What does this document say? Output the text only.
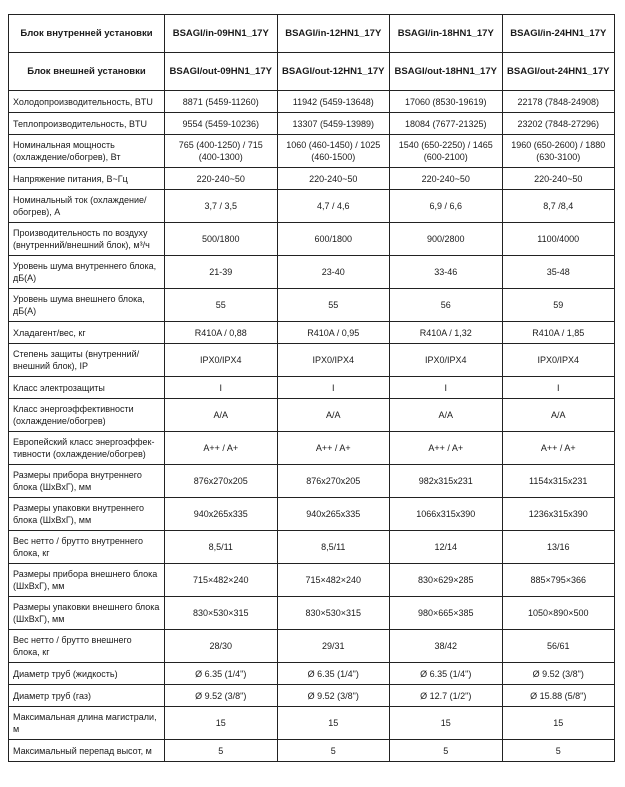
Блок внутренней установки	BSAGI/in-09HN1_17Y	BSAGI/in-12HN1_17Y	BSAGI/in-18HN1_17Y	BSAGI/in-24HN1_17Y
Блок внешней установки	BSAGI/out-09HN1_17Y	BSAGI/out-12HN1_17Y	BSAGI/out-18HN1_17Y	BSAGI/out-24HN1_17Y
Холодопроизводительность, BTU	8871 (5459-11260)	11942 (5459-13648)	17060 (8530-19619)	22178 (7848-24908)
Теплопроизводительность, BTU	9554 (5459-10236)	13307 (5459-13989)	18084 (7677-21325)	23202 (7848-27296)
Номинальная мощность (охлаждение/обогрев), Вт	765 (400-1250) / 715 (400-1300)	1060 (460-1450) / 1025 (460-1500)	1540 (650-2250) / 1465 (600-2100)	1960 (650-2600) / 1880 (630-3100)
Напряжение питания, В~Гц	220-240~50	220-240~50	220-240~50	220-240~50
Номинальный ток (охлаждение/обогрев), А	3,7 / 3,5	4,7 / 4,6	6,9 / 6,6	8,7 /8,4
Производительность по воздуху (внутренний/внешний блок), м³/ч	500/1800	600/1800	900/2800	1100/4000
Уровень шума внутреннего блока, дБ(А)	21-39	23-40	33-46	35-48
Уровень шума внешнего блока, дБ(А)	55	55	56	59
Хладагент/вес, кг	R410A / 0,88	R410A / 0,95	R410A / 1,32	R410A / 1,85
Степень защиты (внутренний/ внешний блок), IP	IPX0/IPX4	IPX0/IPX4	IPX0/IPX4	IPX0/IPX4
Класс электрозащиты	I	I	I	I
Класс энергоэффективности (охлаждение/обогрев)	A/A	A/A	A/A	A/A
Европейский класс энергоэффек-тивности (охлаждение/обогрев)	A++ / A+	A++ / A+	A++ / A+	A++ / A+
Размеры прибора внутреннего блока (ШхВхГ), мм	876x270x205	876x270x205	982x315x231	1154x315x231
Размеры упаковки внутреннего блока (ШхВхГ), мм	940x265x335	940x265x335	1066x315x390	1236x315x390
Вес нетто / брутто внутреннего блока, кг	8,5/11	8,5/11	12/14	13/16
Размеры прибора внешнего блока (ШхВхГ), мм	715×482×240	715×482×240	830×629×285	885×795×366
Размеры упаковки внешнего блока (ШхВхГ), мм	830×530×315	830×530×315	980×665×385	1050×890×500
Вес нетто / брутто внешнего блока, кг	28/30	29/31	38/42	56/61
Диаметр труб (жидкость)	Ø 6.35 (1/4")	Ø 6.35 (1/4")	Ø 6.35 (1/4")	Ø 9.52 (3/8")
Диаметр труб (газ)	Ø 9.52 (3/8")	Ø 9.52 (3/8")	Ø 12.7 (1/2")	Ø 15.88 (5/8")
Максимальная длина магистрали, м	15	15	15	15
Максимальный перепад высот, м	5	5	5	5
